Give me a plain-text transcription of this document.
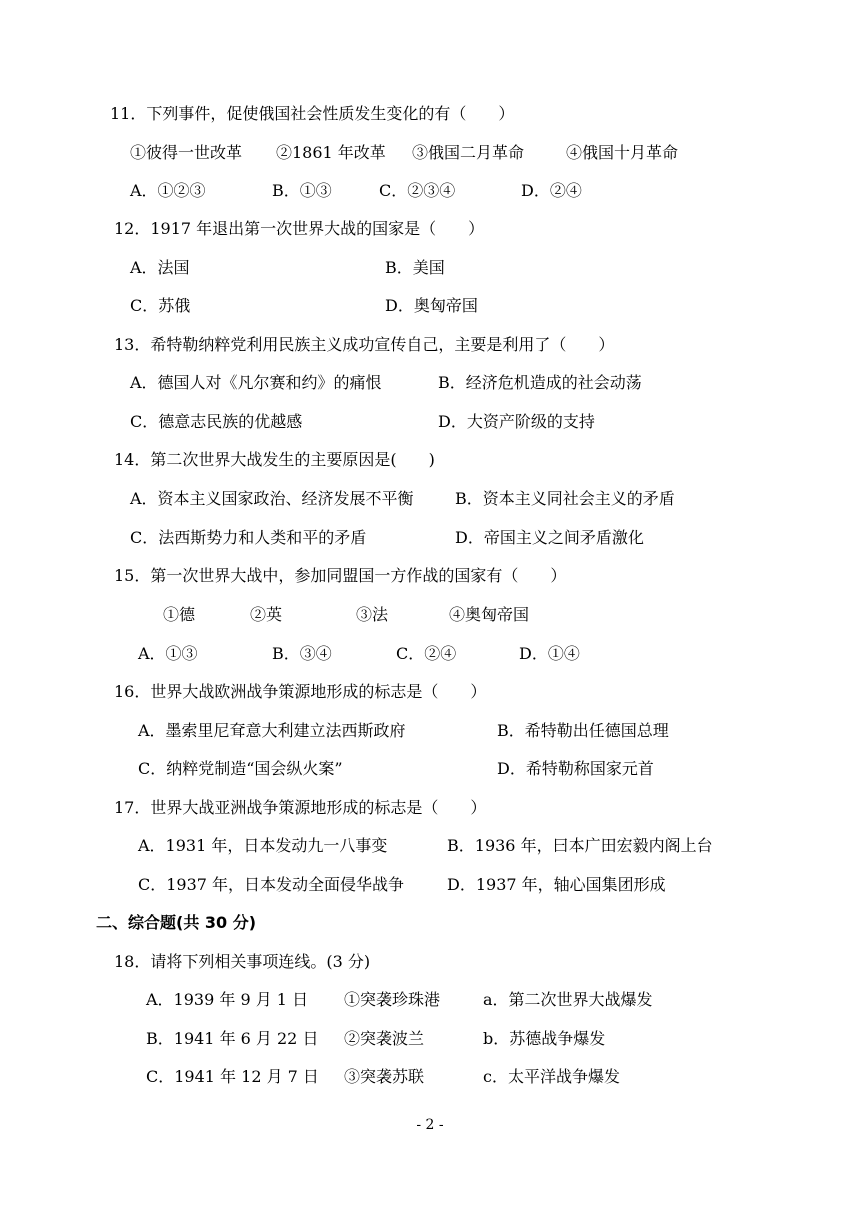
11．下列事件，促使俄国社会性质发生变化的有（　　）
①彼得一世改革 ②1861 年改革 ③俄国二月革命	④俄国十月革命
A．①②③	B．①③	C．②③④	D．②④
12．1917 年退出第一次世界大战的国家是（　　）
A．法国	B．美国
C．苏俄	D．奥匈帝国
13．希特勒纳粹党利用民族主义成功宣传自己，主要是利用了（　　）
A．德国人对《凡尔赛和约》的痛恨	B．经济危机造成的社会动荡
C．德意志民族的优越感	D．大资产阶级的支持
14．第二次世界大战发生的主要原因是(　　)
A．资本主义国家政治、经济发展不平衡	B．资本主义同社会主义的矛盾
C．法西斯势力和人类和平的矛盾	D．帝国主义之间矛盾激化
15．第一次世界大战中，参加同盟国一方作战的国家有（　　）
①德	②英	③法	④奥匈帝国
A．①③	B．③④	C．②④	D．①④
16．世界大战欧洲战争策源地形成的标志是（　　）
A．墨索里尼耷意大利建立法西斯政府	B．希特勒出任德国总理
C．纳粹党制造“国会纵火案”	D．希特勒称国家元首
17．世界大战亚洲战争策源地形成的标志是（　　）
A．1931 年，日本发动九一八事变	B．1936 年，曰本广田宏毅内阁上台
C．1937 年，日本发动全面侵华战争	D．1937 年，轴心国集团形成
二、综合题(共 30 分)
18．请将下列相关事项连线。(3 分)
A．1939 年 9 月 1 日 ①突袭珍珠港	a．第二次世界大战爆发
B．1941 年 6 月 22 日 ②突袭波兰	b．苏德战争爆发
C．1941 年 12 月 7 日 ③突袭苏联	c．太平洋战争爆发
- 2 -
